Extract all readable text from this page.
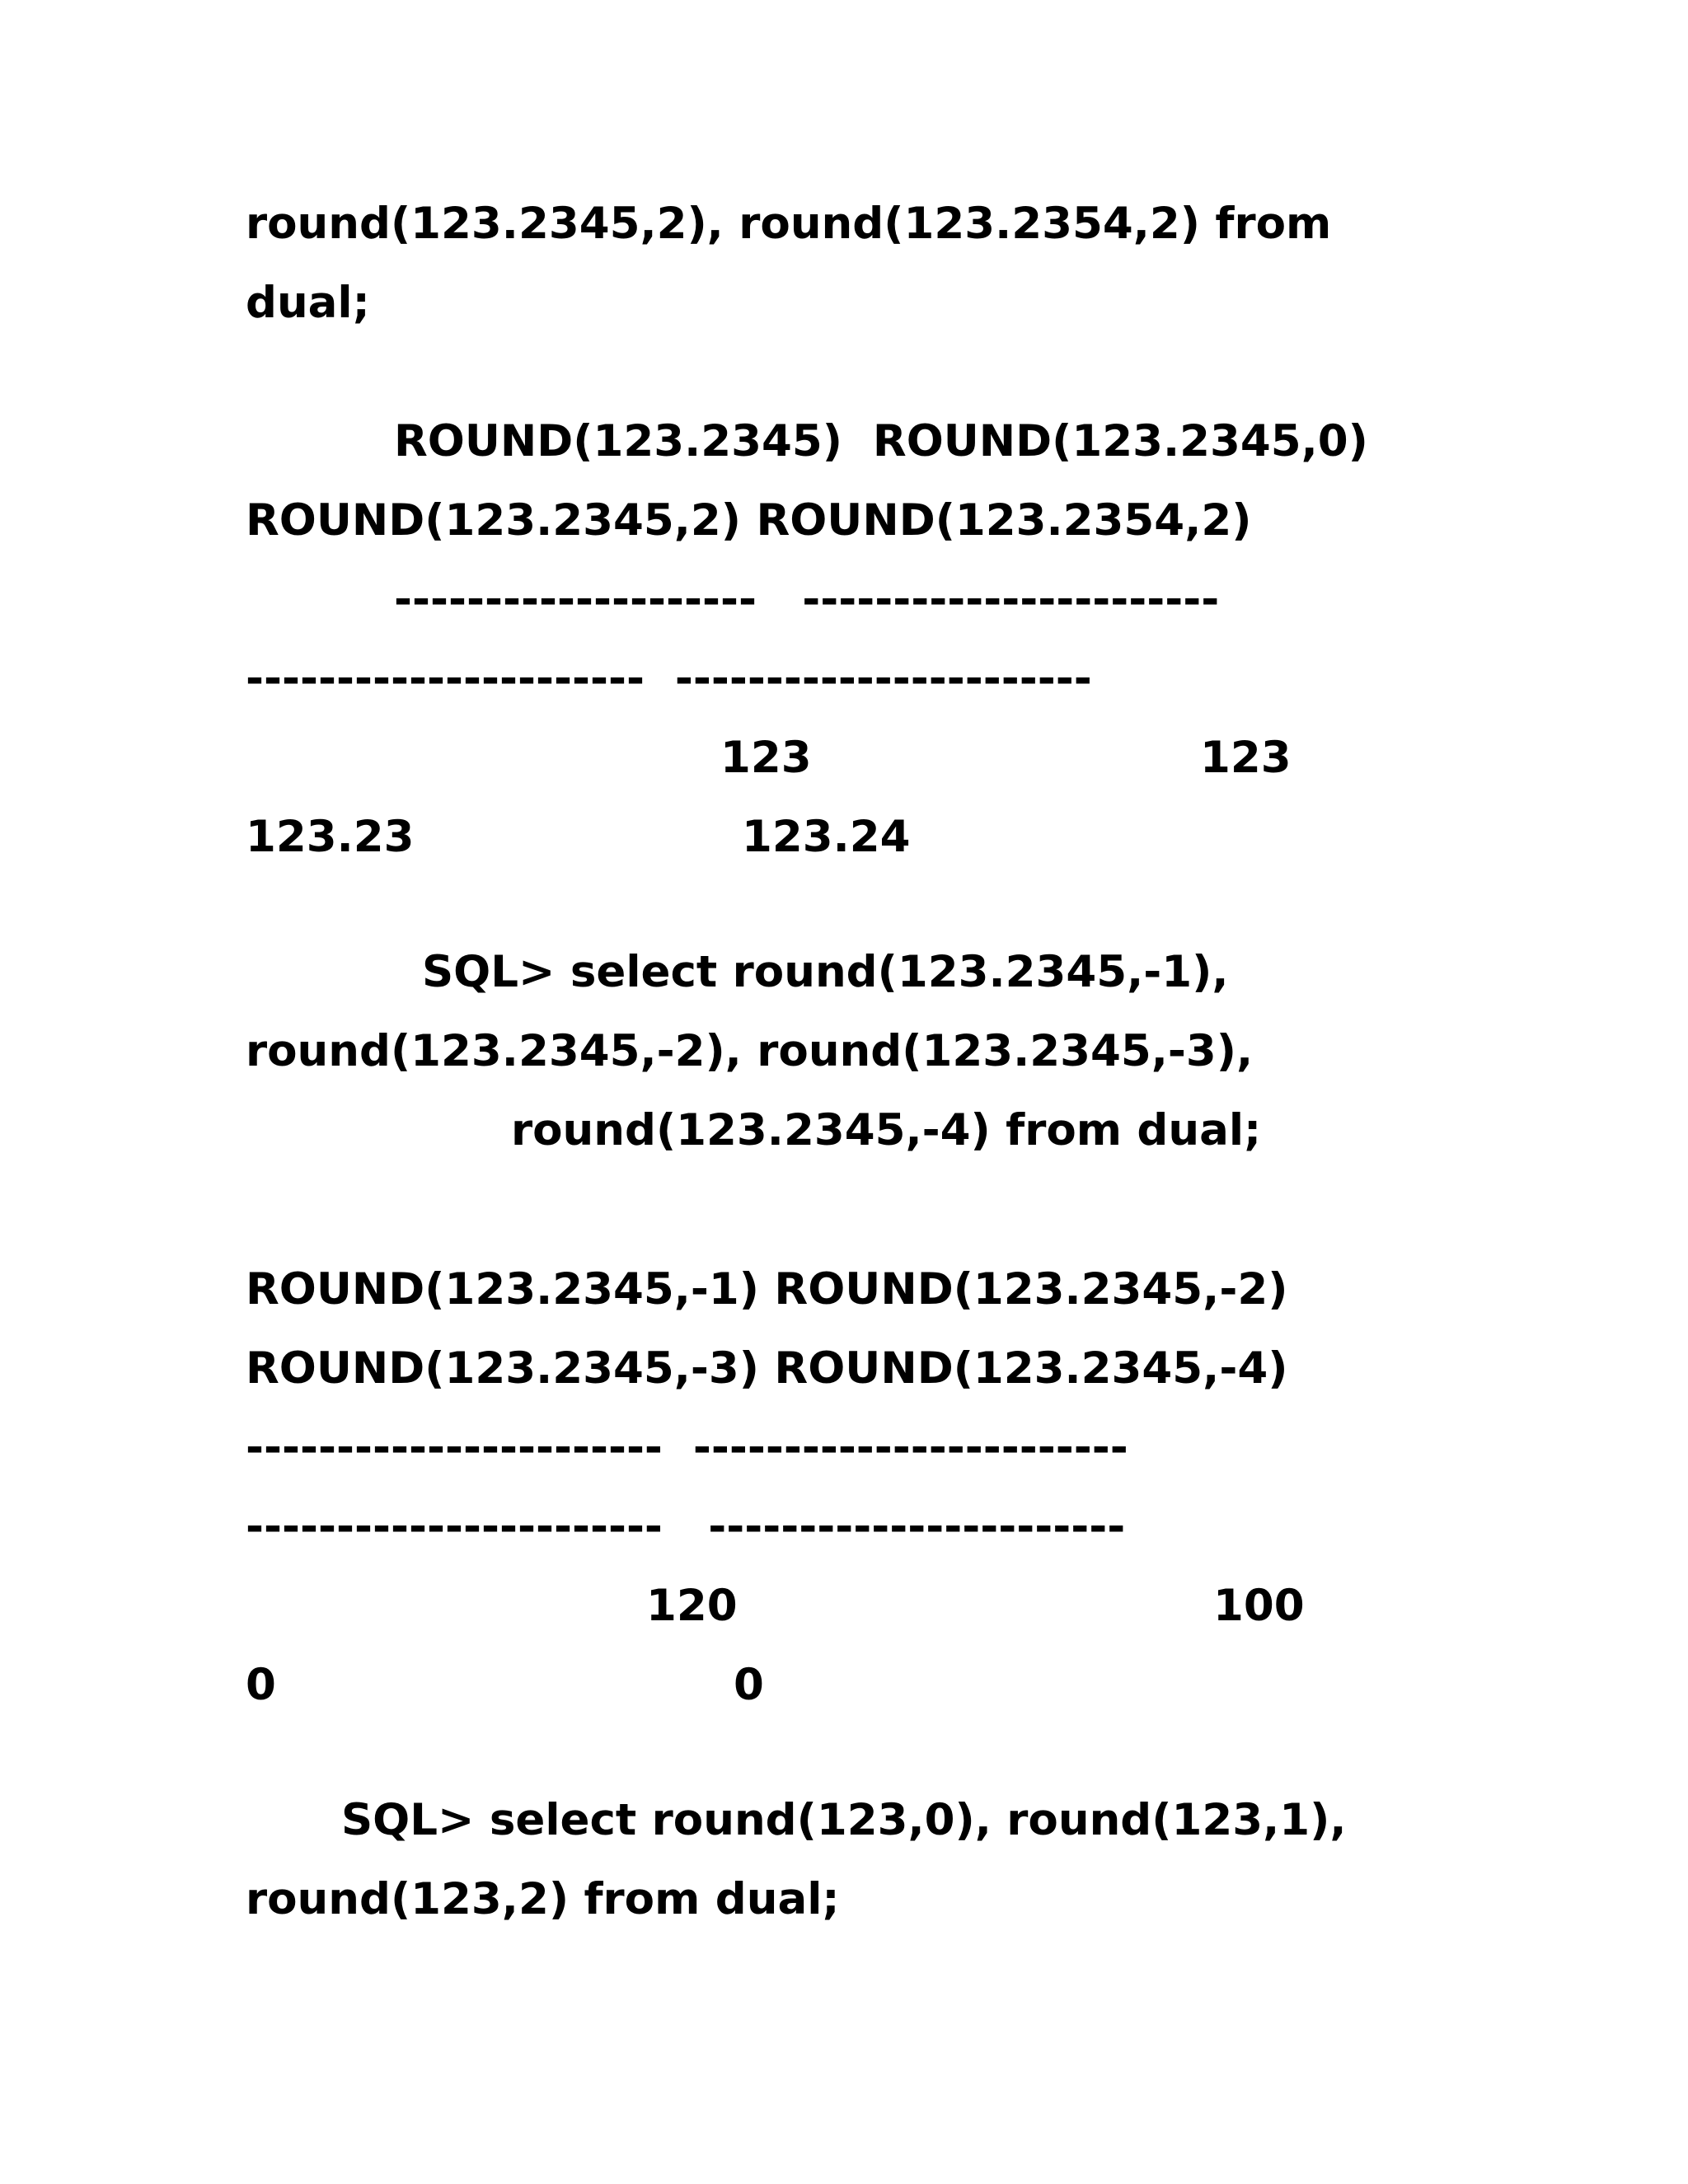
round(123.2345,2), round(123.2354,2) from
dual;
ROUND(123.2345)  ROUND(123.2345,0)
ROUND(123.2345,2) ROUND(123.2354,2)
--------------------   -----------------------
----------------------  -----------------------
123	123
123.23	123.24
SQL> select round(123.2345,-1),
round(123.2345,-2), round(123.2345,-3),
round(123.2345,-4) from dual;
ROUND(123.2345,-1) ROUND(123.2345,-2)
ROUND(123.2345,-3) ROUND(123.2345,-4)
-----------------------  ------------------------
-----------------------   -----------------------
120	100
0	0
SQL> select round(123,0), round(123,1),
round(123,2) from dual;
